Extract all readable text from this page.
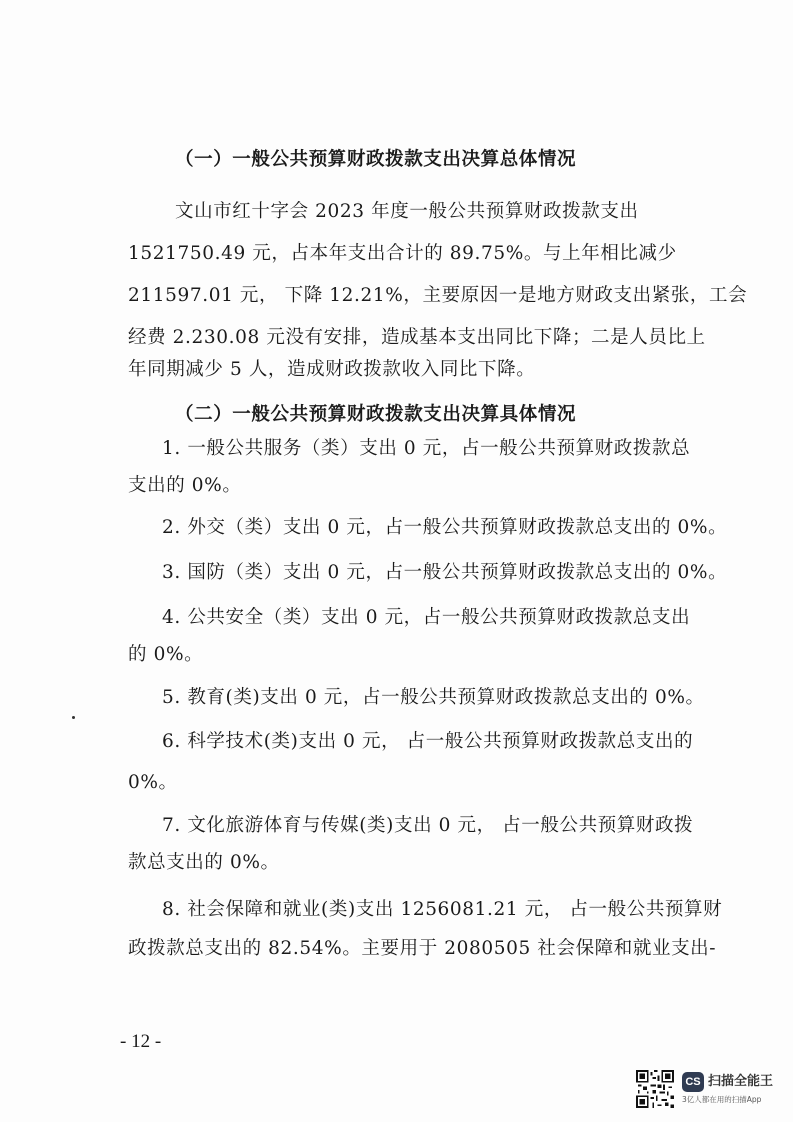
（一）一般公共预算财政拨款支出决算总体情况
文山市红十字会 2023 年度一般公共预算财政拨款支出
1521750.49 元，占本年支出合计的 89.75%。与上年相比减少
211597.01 元， 下降 12.21%，主要原因一是地方财政支出紧张，工会
经费 2.230.08 元没有安排，造成基本支出同比下降；二是人员比上
年同期减少 5 人，造成财政拨款收入同比下降。
（二）一般公共预算财政拨款支出决算具体情况
1. 一般公共服务（类）支出 0 元，占一般公共预算财政拨款总
支出的 0%。
2. 外交（类）支出 0 元，占一般公共预算财政拨款总支出的 0%。
3. 国防（类）支出 0 元，占一般公共预算财政拨款总支出的 0%。
4. 公共安全（类）支出 0 元，占一般公共预算财政拨款总支出
的 0%。
5. 教育(类)支出 0 元，占一般公共预算财政拨款总支出的 0%。
6. 科学技术(类)支出 0 元， 占一般公共预算财政拨款总支出的
0%。
7. 文化旅游体育与传媒(类)支出 0 元， 占一般公共预算财政拨
款总支出的 0%。
8. 社会保障和就业(类)支出 1256081.21 元， 占一般公共预算财
政拨款总支出的 82.54%。主要用于 2080505 社会保障和就业支出-
- 12 -
CS 扫描全能王
3亿人都在用的扫描App
